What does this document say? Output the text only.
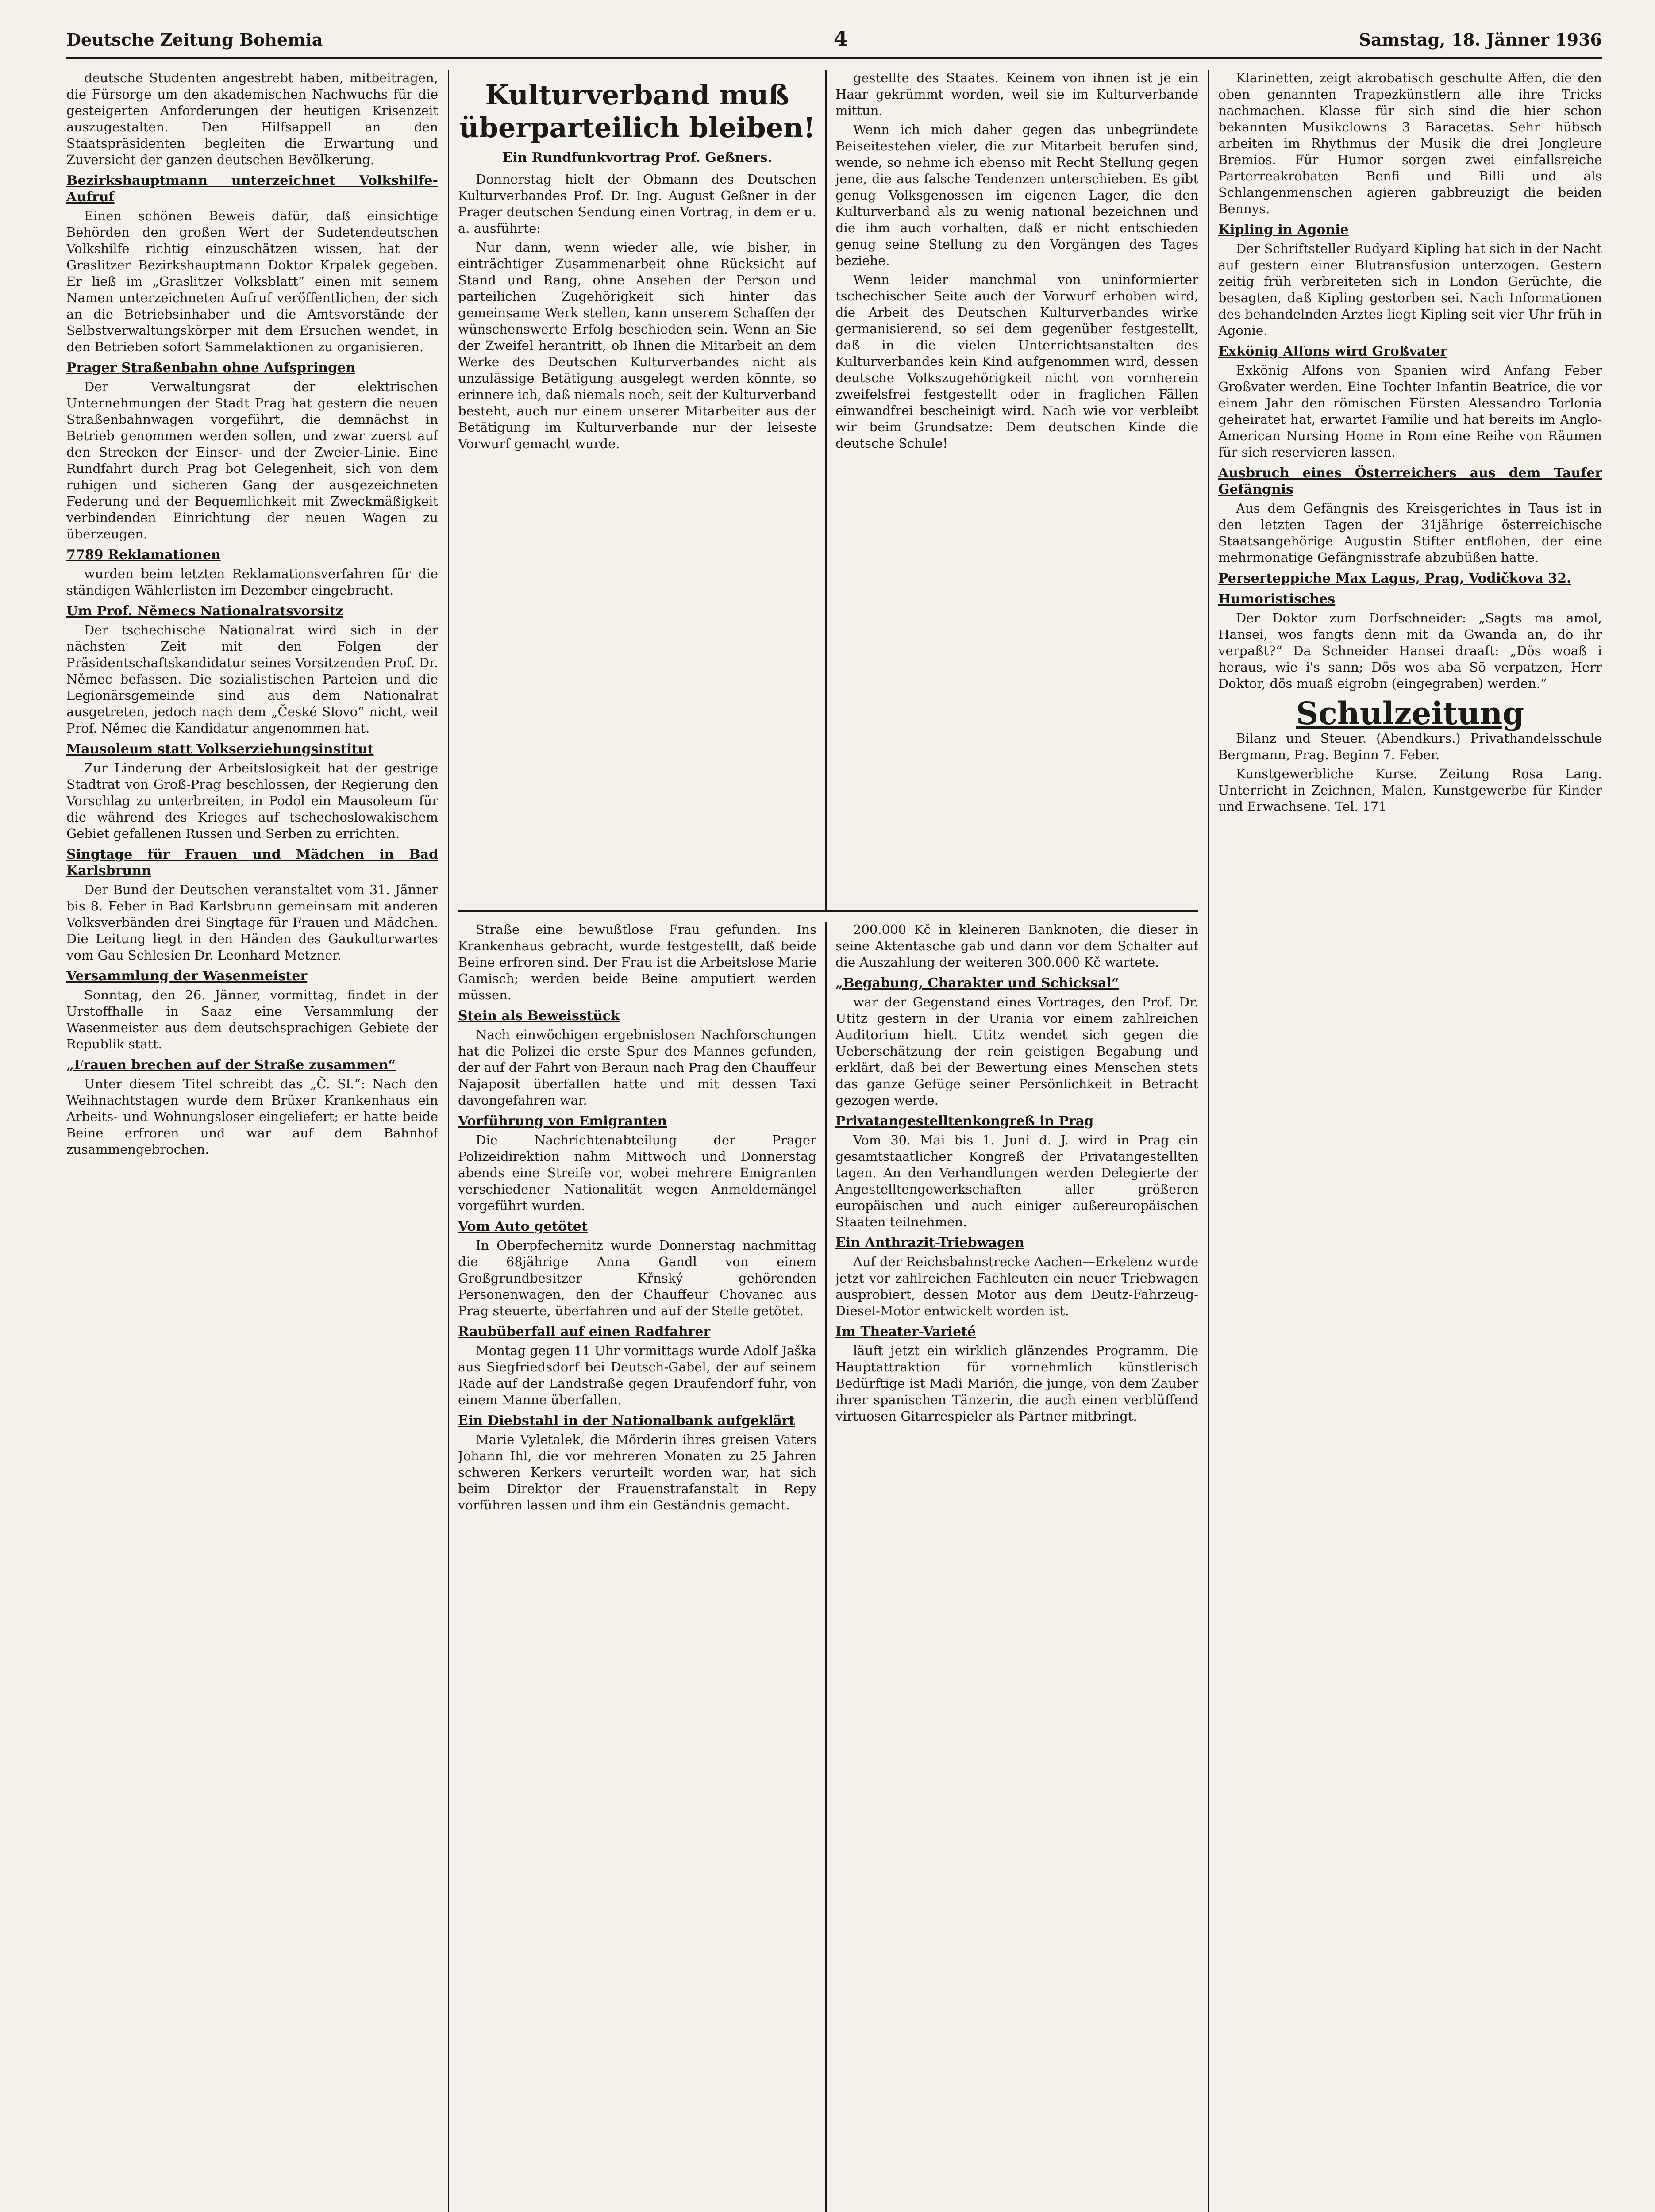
Deutsche Zeitung Bohemia	4	Samstag, 18. Jänner 1936

deutsche Studenten angestrebt haben, mitbeitragen, die Fürsorge um den akademischen Nachwuchs für die gesteigerten Anforderungen der heutigen Krisenzeit auszugestalten. Den Hilfsappell an den Staatspräsidenten begleiten die Erwartung und Zuversicht der ganzen deutschen Bevölkerung.

Bezirkshauptmann unterzeichnet Volkshilfe-Aufruf

Einen schönen Beweis dafür, daß einsichtige Behörden den großen Wert der Sudetendeutschen Volkshilfe richtig einzuschätzen wissen, hat der Graslitzer Bezirkshauptmann Doktor Krpalek gegeben. Er ließ im „Graslitzer Volksblatt“ einen mit seinem Namen unterzeichneten Aufruf veröffentlichen, der sich an die Betriebsinhaber und die Amtsvorstände der Selbstverwaltungskörper mit dem Ersuchen wendet, in den Betrieben sofort Sammelaktionen zu organisieren.

Prager Straßenbahn ohne Aufspringen

Der Verwaltungsrat der elektrischen Unternehmungen der Stadt Prag hat gestern die neuen Straßenbahnwagen vorgeführt, die demnächst in Betrieb genommen werden sollen, und zwar zuerst auf den Strecken der Einser- und der Zweier-Linie. Eine Rundfahrt durch Prag bot Gelegenheit, sich von dem ruhigen und sicheren Gang der ausgezeichneten Federung und der Bequemlichkeit mit Zweckmäßigkeit verbindenden Einrichtung der neuen Wagen zu überzeugen.

7789 Reklamationen

wurden beim letzten Reklamationsverfahren für die ständigen Wählerlisten im Dezember eingebracht.

Um Prof. Němecs Nationalratsvorsitz

Der tschechische Nationalrat wird sich in der nächsten Zeit mit den Folgen der Präsidentschaftskandidatur seines Vorsitzenden Prof. Dr. Němec befassen. Die sozialistischen Parteien und die Legionärsgemeinde sind aus dem Nationalrat ausgetreten, jedoch nach dem „České Slovo“ nicht, weil Prof. Němec die Kandidatur angenommen hat.

Mausoleum statt Volkserziehungsinstitut

Zur Linderung der Arbeitslosigkeit hat der gestrige Stadtrat von Groß-Prag beschlossen, der Regierung den Vorschlag zu unterbreiten, in Podol ein Mausoleum für die während des Krieges auf tschechoslowakischem Gebiet gefallenen Russen und Serben zu errichten.

Singtage für Frauen und Mädchen in Bad Karlsbrunn

Der Bund der Deutschen veranstaltet vom 31. Jänner bis 8. Feber in Bad Karlsbrunn gemeinsam mit anderen Volksverbänden drei Singtage für Frauen und Mädchen. Die Leitung liegt in den Händen des Gaukulturwartes vom Gau Schlesien Dr. Leonhard Metzner.

Versammlung der Wasenmeister

Sonntag, den 26. Jänner, vormittag, findet in der Urstoffhalle in Saaz eine Versammlung der Wasenmeister aus dem deutschsprachigen Gebiete der Republik statt.

„Frauen brechen auf der Straße zusammen“

Unter diesem Titel schreibt das „Č. Sl.“: Nach den Weihnachtstagen wurde dem Brüxer Krankenhaus ein Arbeits- und Wohnungsloser eingeliefert; er hatte beide Beine erfroren und war auf dem Bahnhof zusammengebrochen.

Kulturverband muß überparteilich bleiben!
Ein Rundfunkvortrag Prof. Geßners.

Donnerstag hielt der Obmann des Deutschen Kulturverbandes Prof. Dr. Ing. August Geßner in der Prager deutschen Sendung einen Vortrag, in dem er u. a. ausführte:

Nur dann, wenn wieder alle, wie bisher, in einträchtiger Zusammenarbeit ohne Rücksicht auf Stand und Rang, ohne Ansehen der Person und parteilichen Zugehörigkeit sich hinter das gemeinsame Werk stellen, kann unserem Schaffen der wünschenswerte Erfolg beschieden sein. Wenn an Sie der Zweifel herantritt, ob Ihnen die Mitarbeit an dem Werke des Deutschen Kulturverbandes nicht als unzulässige Betätigung ausgelegt werden könnte, so erinnere ich, daß niemals noch, seit der Kulturverband besteht, auch nur einem unserer Mitarbeiter aus der Betätigung im Kulturverbande nur der leiseste Vorwurf gemacht wurde.

gestellte des Staates. Keinem von ihnen ist je ein Haar gekrümmt worden, weil sie im Kulturverbande mittun.

Wenn ich mich daher gegen das unbegründete Beiseitestehen vieler, die zur Mitarbeit berufen sind, wende, so nehme ich ebenso mit Recht Stellung gegen jene, die aus falsche Tendenzen unterschieben. Es gibt genug Volksgenossen im eigenen Lager, die den Kulturverband als zu wenig national bezeichnen und die ihm auch vorhalten, daß er nicht entschieden genug seine Stellung zu den Vorgängen des Tages beziehe.

Wenn leider manchmal von uninformierter tschechischer Seite auch der Vorwurf erhoben wird, die Arbeit des Deutschen Kulturverbandes wirke germanisierend, so sei dem gegenüber festgestellt, daß in die vielen Unterrichtsanstalten des Kulturverbandes kein Kind aufgenommen wird, dessen deutsche Volkszugehörigkeit nicht von vornherein zweifelsfrei festgestellt oder in fraglichen Fällen einwandfrei bescheinigt wird. Nach wie vor verbleibt wir beim Grundsatze: Dem deutschen Kinde die deutsche Schule!

Straße eine bewußtlose Frau gefunden. Ins Krankenhaus gebracht, wurde festgestellt, daß beide Beine erfroren sind. Der Frau ist die Arbeitslose Marie Gamisch; werden beide Beine amputiert werden müssen.

Stein als Beweisstück

Nach einwöchigen ergebnislosen Nachforschungen hat die Polizei die erste Spur des Mannes gefunden, der auf der Fahrt von Beraun nach Prag den Chauffeur Najaposit überfallen hatte und mit dessen Taxi davongefahren war.

Vorführung von Emigranten

Die Nachrichtenabteilung der Prager Polizeidirektion nahm Mittwoch und Donnerstag abends eine Streife vor, wobei mehrere Emigranten verschiedener Nationalität wegen Anmeldemängel vorgeführt wurden.

Vom Auto getötet

In Oberpfechernitz wurde Donnerstag nachmittag die 68jährige Anna Gandl von einem Großgrundbesitzer Křnský gehörenden Personenwagen, den der Chauffeur Chovanec aus Prag steuerte, überfahren und auf der Stelle getötet.

Raubüberfall auf einen Radfahrer

Montag gegen 11 Uhr vormittags wurde Adolf Jaška aus Siegfriedsdorf bei Deutsch-Gabel, der auf seinem Rade auf der Landstraße gegen Draufendorf fuhr, von einem Manne überfallen.

Ein Diebstahl in der Nationalbank aufgeklärt

Marie Vyletalek, die Mörderin ihres greisen Vaters Johann Ihl, die vor mehreren Monaten zu 25 Jahren schweren Kerkers verurteilt worden war, hat sich beim Direktor der Frauenstrafanstalt in Repy vorführen lassen und ihm ein Geständnis gemacht.

200.000 Kč in kleineren Banknoten, die dieser in seine Aktentasche gab und dann vor dem Schalter auf die Auszahlung der weiteren 300.000 Kč wartete.

„Begabung, Charakter und Schicksal“

war der Gegenstand eines Vortrages, den Prof. Dr. Utitz gestern in der Urania vor einem zahlreichen Auditorium hielt. Utitz wendet sich gegen die Ueberschätzung der rein geistigen Begabung und erklärt, daß bei der Bewertung eines Menschen stets das ganze Gefüge seiner Persönlichkeit in Betracht gezogen werde.

Privatangestelltenkongreß in Prag

Vom 30. Mai bis 1. Juni d. J. wird in Prag ein gesamtstaatlicher Kongreß der Privatangestellten tagen. An den Verhandlungen werden Delegierte der Angestelltengewerkschaften aller größeren europäischen und auch einiger außereuropäischen Staaten teilnehmen.

Ein Anthrazit-Triebwagen

Auf der Reichsbahnstrecke Aachen—Erkelenz wurde jetzt vor zahlreichen Fachleuten ein neuer Triebwagen ausprobiert, dessen Motor aus dem Deutz-Fahrzeug-Diesel-Motor entwickelt worden ist.

Im Theater-Varieté

läuft jetzt ein wirklich glänzendes Programm. Die Hauptattraktion für vornehmlich künstlerisch Bedürftige ist Madi Marión, die junge, von dem Zauber ihrer spanischen Tänzerin, die auch einen verblüffend virtuosen Gitarrespieler als Partner mitbringt.

Klarinetten, zeigt akrobatisch geschulte Affen, die den oben genannten Trapezkünstlern alle ihre Tricks nachmachen. Klasse für sich sind die hier schon bekannten Musikclowns 3 Baracetas. Sehr hübsch arbeiten im Rhythmus der Musik die drei Jongleure Bremios. Für Humor sorgen zwei einfallsreiche Parterreakrobaten Benfi und Billi und als Schlangenmenschen agieren gabbreuzigt die beiden Bennys.

Kipling in Agonie

Der Schriftsteller Rudyard Kipling hat sich in der Nacht auf gestern einer Blutransfusion unterzogen. Gestern zeitig früh verbreiteten sich in London Gerüchte, die besagten, daß Kipling gestorben sei. Nach Informationen des behandelnden Arztes liegt Kipling seit vier Uhr früh in Agonie.

Exkönig Alfons wird Großvater

Exkönig Alfons von Spanien wird Anfang Feber Großvater werden. Eine Tochter Infantin Beatrice, die vor einem Jahr den römischen Fürsten Alessandro Torlonia geheiratet hat, erwartet Familie und hat bereits im Anglo-American Nursing Home in Rom eine Reihe von Räumen für sich reservieren lassen.

Ausbruch eines Österreichers aus dem Taufer Gefängnis

Aus dem Gefängnis des Kreisgerichtes in Taus ist in den letzten Tagen der 31jährige österreichische Staatsangehörige Augustin Stifter entflohen, der eine mehrmonatige Gefängnisstrafe abzubüßen hatte.

Perserteppiche Max Lagus, Prag, Vodičkova 32.
Humoristisches

Der Doktor zum Dorfschneider: „Sagts ma amol, Hansei, wos fangts denn mit da Gwanda an, do ihr verpaßt?“ Da Schneider Hansei draaft: „Dös woaß i heraus, wie i's sann; Dös wos aba Sö verpatzen, Herr Doktor, dös muaß eigrobn (eingegraben) werden.“

Schulzeitung

Bilanz und Steuer. (Abendkurs.) Privathandelsschule Bergmann, Prag. Beginn 7. Feber.

Kunstgewerbliche Kurse. Zeitung Rosa Lang. Unterricht in Zeichnen, Malen, Kunstgewerbe für Kinder und Erwachsene. Tel. 171
